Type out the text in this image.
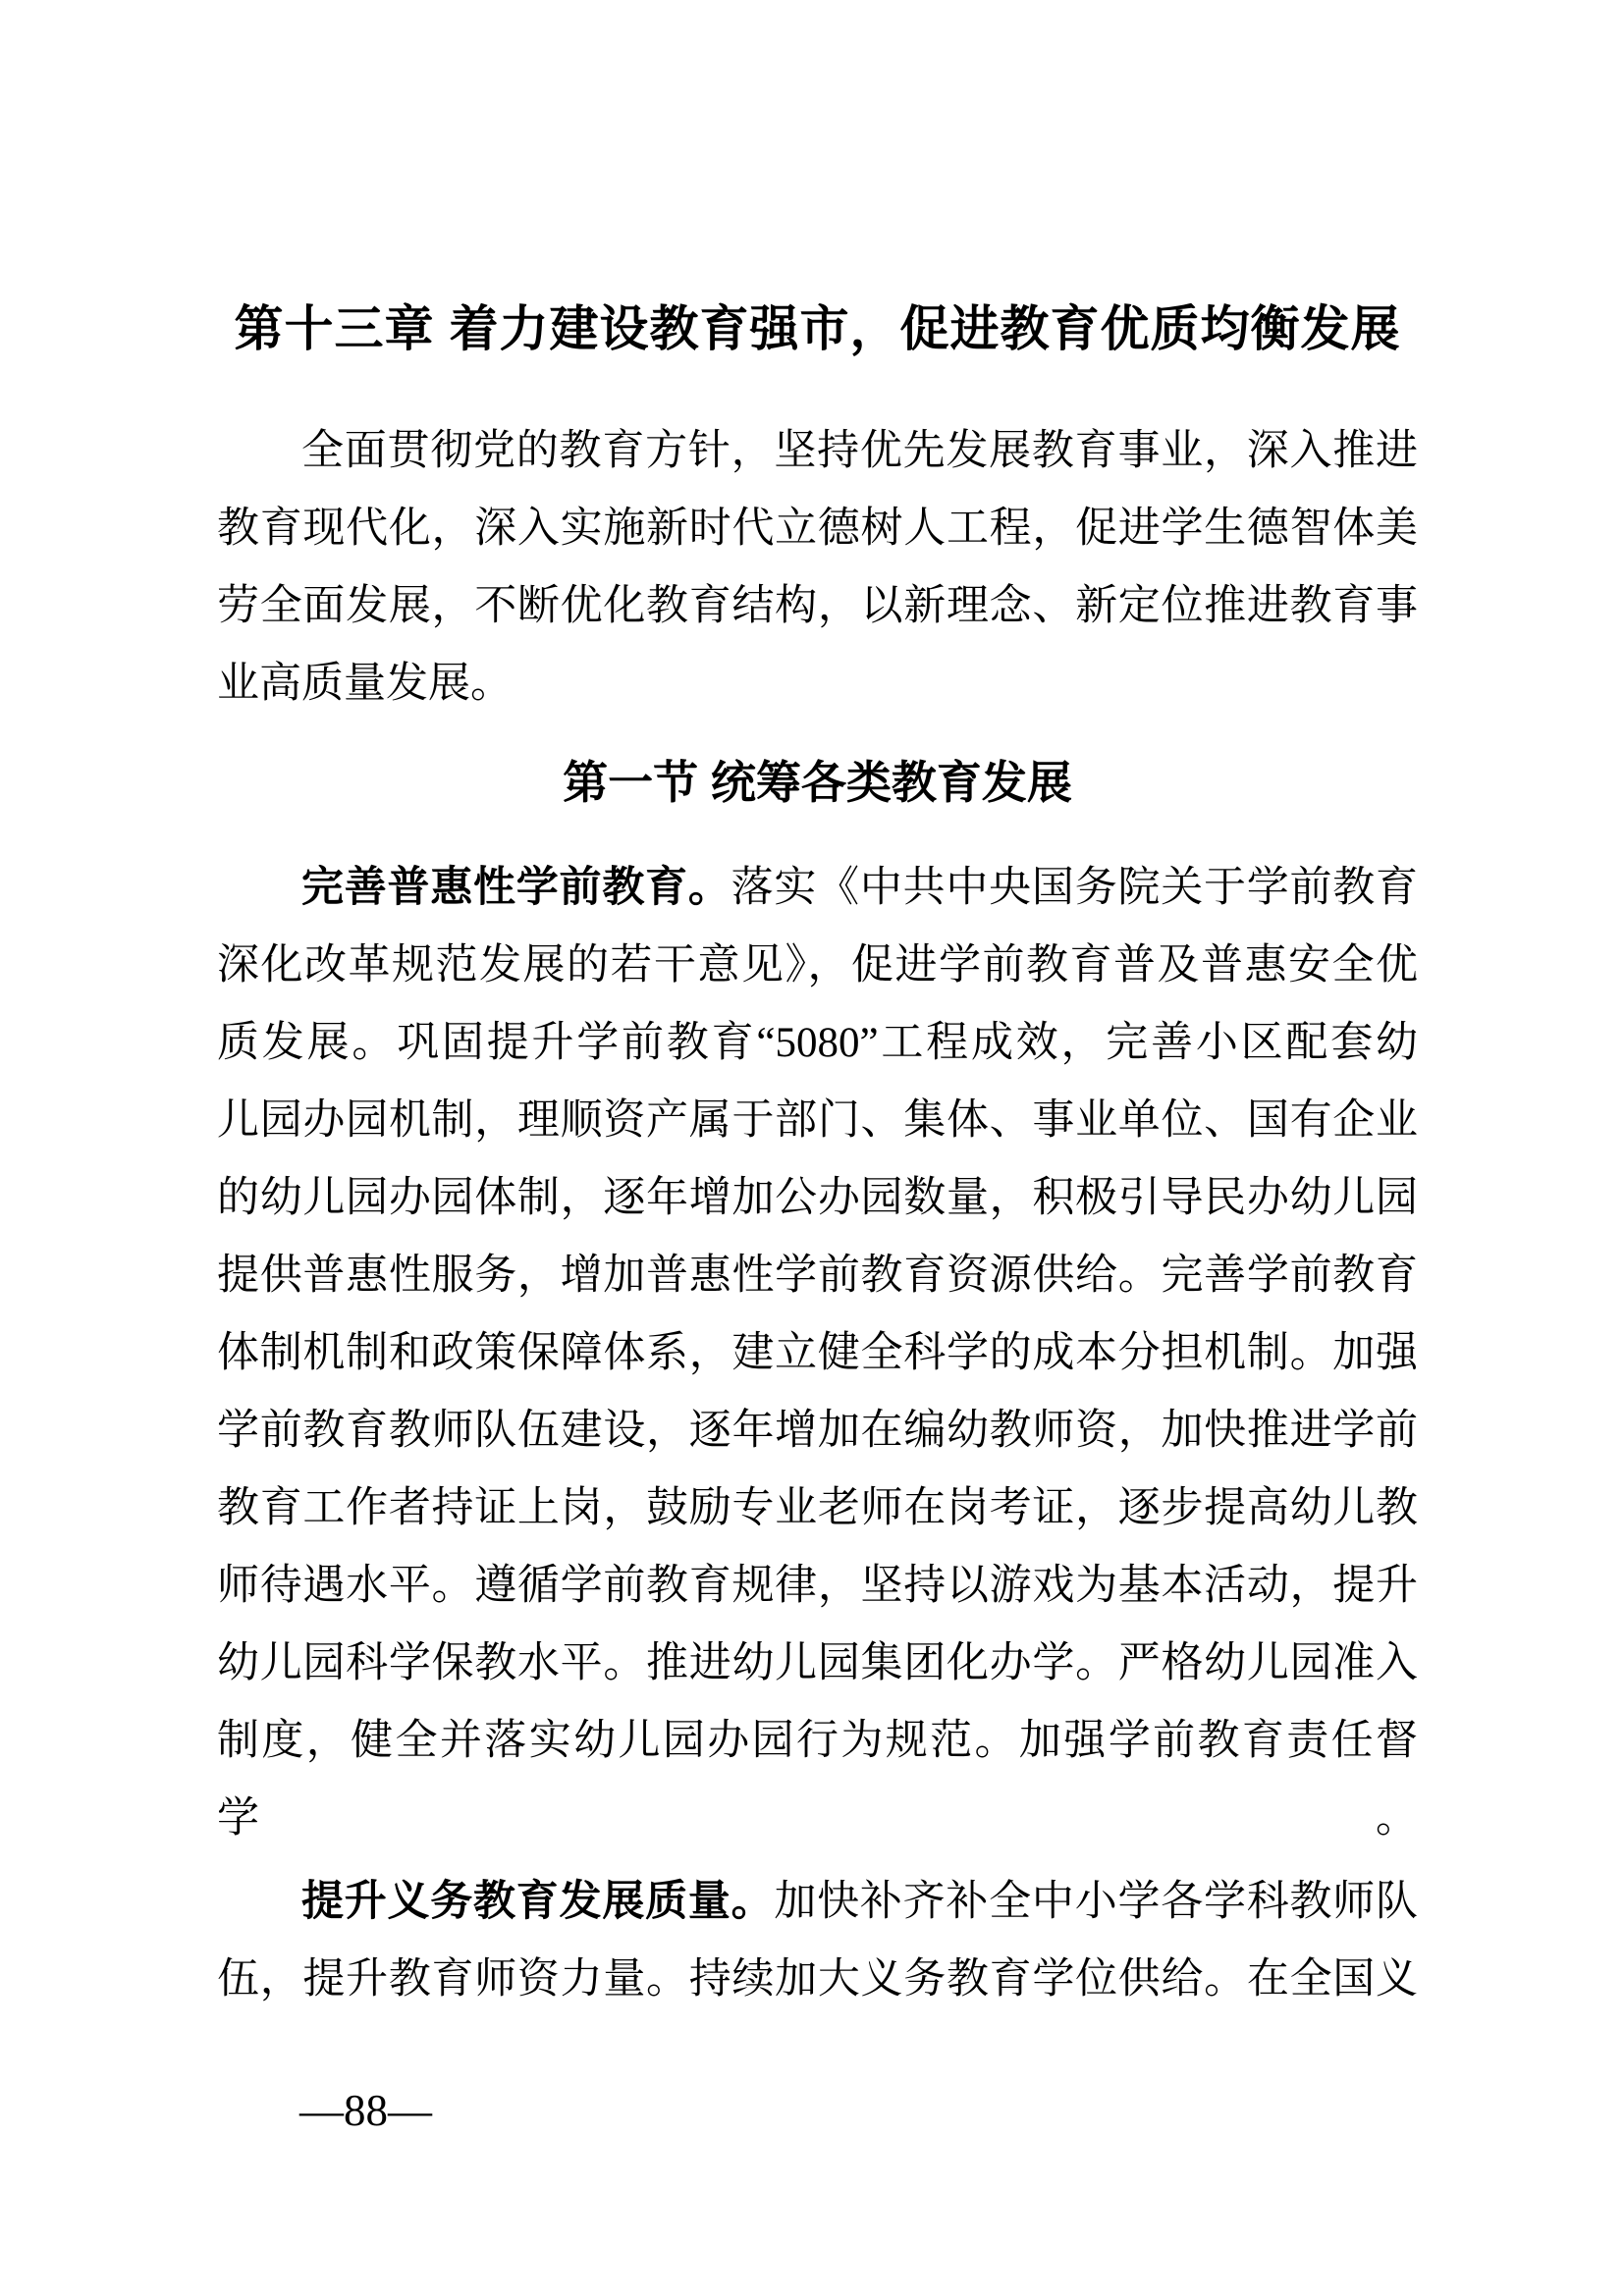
第十三章 着力建设教育强市，促进教育优质均衡发展
全面贯彻党的教育方针，坚持优先发展教育事业，深入推进
教育现代化，深入实施新时代立德树人工程，促进学生德智体美
劳全面发展，不断优化教育结构，以新理念、新定位推进教育事
业高质量发展。
第一节 统筹各类教育发展
完善普惠性学前教育。落实《中共中央国务院关于学前教育
深化改革规范发展的若干意见》，促进学前教育普及普惠安全优
质发展。巩固提升学前教育“5080”工程成效，完善小区配套幼
儿园办园机制，理顺资产属于部门、集体、事业单位、国有企业
的幼儿园办园体制，逐年增加公办园数量，积极引导民办幼儿园
提供普惠性服务，增加普惠性学前教育资源供给。完善学前教育
体制机制和政策保障体系，建立健全科学的成本分担机制。加强
学前教育教师队伍建设，逐年增加在编幼教师资，加快推进学前
教育工作者持证上岗，鼓励专业老师在岗考证，逐步提高幼儿教
师待遇水平。遵循学前教育规律，坚持以游戏为基本活动，提升
幼儿园科学保教水平。推进幼儿园集团化办学。严格幼儿园准入
制度，健全并落实幼儿园办园行为规范。加强学前教育责任督学。
提升义务教育发展质量。加快补齐补全中小学各学科教师队
伍，提升教育师资力量。持续加大义务教育学位供给。在全国义
—88—
